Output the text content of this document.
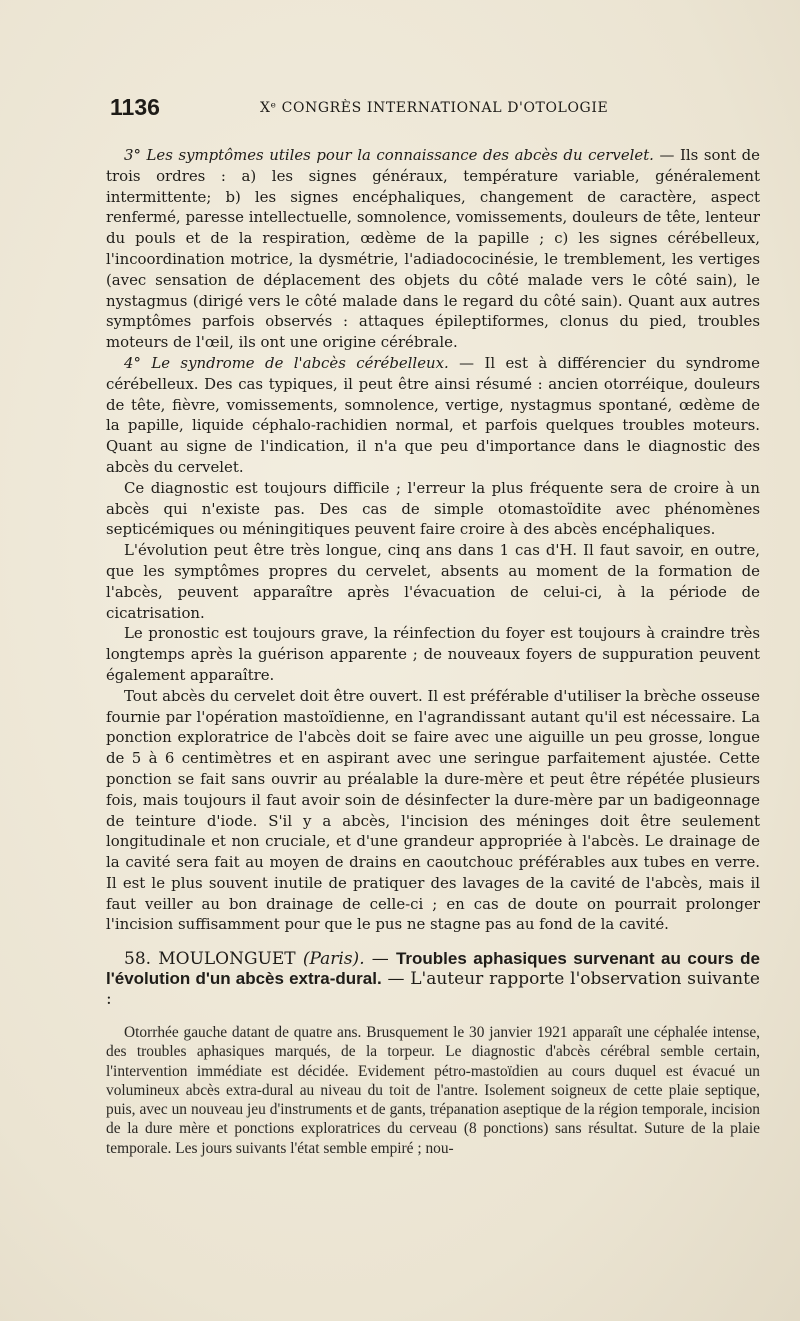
1136	Xᵉ CONGRÈS INTERNATIONAL D'OTOLOGIE

3° Les symptômes utiles pour la connaissance des abcès du cervelet. — Ils sont de trois ordres : a) les signes généraux, température variable, généralement intermittente; b) les signes encéphaliques, changement de caractère, aspect renfermé, paresse intellectuelle, somnolence, vomissements, douleurs de tête, lenteur du pouls et de la respiration, œdème de la papille ; c) les signes cérébelleux, l'incoordination motrice, la dysmétrie, l'adiadococinésie, le tremblement, les vertiges (avec sensation de déplacement des objets du côté malade vers le côté sain), le nystagmus (dirigé vers le côté malade dans le regard du côté sain). Quant aux autres symptômes parfois observés : attaques épileptiformes, clonus du pied, troubles moteurs de l'œil, ils ont une origine cérébrale.

4° Le syndrome de l'abcès cérébelleux. — Il est à différencier du syndrome cérébelleux. Des cas typiques, il peut être ainsi résumé : ancien otorréique, douleurs de tête, fièvre, vomissements, somnolence, vertige, nystagmus spontané, œdème de la papille, liquide céphalo-rachidien normal, et parfois quelques troubles moteurs. Quant au signe de l'indication, il n'a que peu d'importance dans le diagnostic des abcès du cervelet.

Ce diagnostic est toujours difficile ; l'erreur la plus fréquente sera de croire à un abcès qui n'existe pas. Des cas de simple otomastoïdite avec phénomènes septicémiques ou méningitiques peuvent faire croire à des abcès encéphaliques.

L'évolution peut être très longue, cinq ans dans 1 cas d'H. Il faut savoir, en outre, que les symptômes propres du cervelet, absents au moment de la formation de l'abcès, peuvent apparaître après l'évacuation de celui-ci, à la période de cicatrisation.

Le pronostic est toujours grave, la réinfection du foyer est toujours à craindre très longtemps après la guérison apparente ; de nouveaux foyers de suppuration peuvent également apparaître.

Tout abcès du cervelet doit être ouvert. Il est préférable d'utiliser la brèche osseuse fournie par l'opération mastoïdienne, en l'agrandissant autant qu'il est nécessaire. La ponction exploratrice de l'abcès doit se faire avec une aiguille un peu grosse, longue de 5 à 6 centimètres et en aspirant avec une seringue parfaitement ajustée. Cette ponction se fait sans ouvrir au préalable la dure-mère et peut être répétée plusieurs fois, mais toujours il faut avoir soin de désinfecter la dure-mère par un badigeonnage de teinture d'iode. S'il y a abcès, l'incision des méninges doit être seulement longitudinale et non cruciale, et d'une grandeur appropriée à l'abcès. Le drainage de la cavité sera fait au moyen de drains en caoutchouc préférables aux tubes en verre. Il est le plus souvent inutile de pratiquer des lavages de la cavité de l'abcès, mais il faut veiller au bon drainage de celle-ci ; en cas de doute on pourrait prolonger l'incision suffisamment pour que le pus ne stagne pas au fond de la cavité.

58. MOULONGUET (Paris). — Troubles aphasiques survenant au cours de l'évolution d'un abcès extra-dural. — L'auteur rapporte l'observation suivante :

Otorrhée gauche datant de quatre ans. Brusquement le 30 janvier 1921 apparaît une céphalée intense, des troubles aphasiques marqués, de la torpeur. Le diagnostic d'abcès cérébral semble certain, l'intervention immédiate est décidée. Evidement pétro-mastoïdien au cours duquel est évacué un volumineux abcès extra-dural au niveau du toit de l'antre. Isolement soigneux de cette plaie septique, puis, avec un nouveau jeu d'instruments et de gants, trépanation aseptique de la région temporale, incision de la dure mère et ponctions exploratrices du cerveau (8 ponctions) sans résultat. Suture de la plaie temporale. Les jours suivants l'état semble empiré ; nou-
